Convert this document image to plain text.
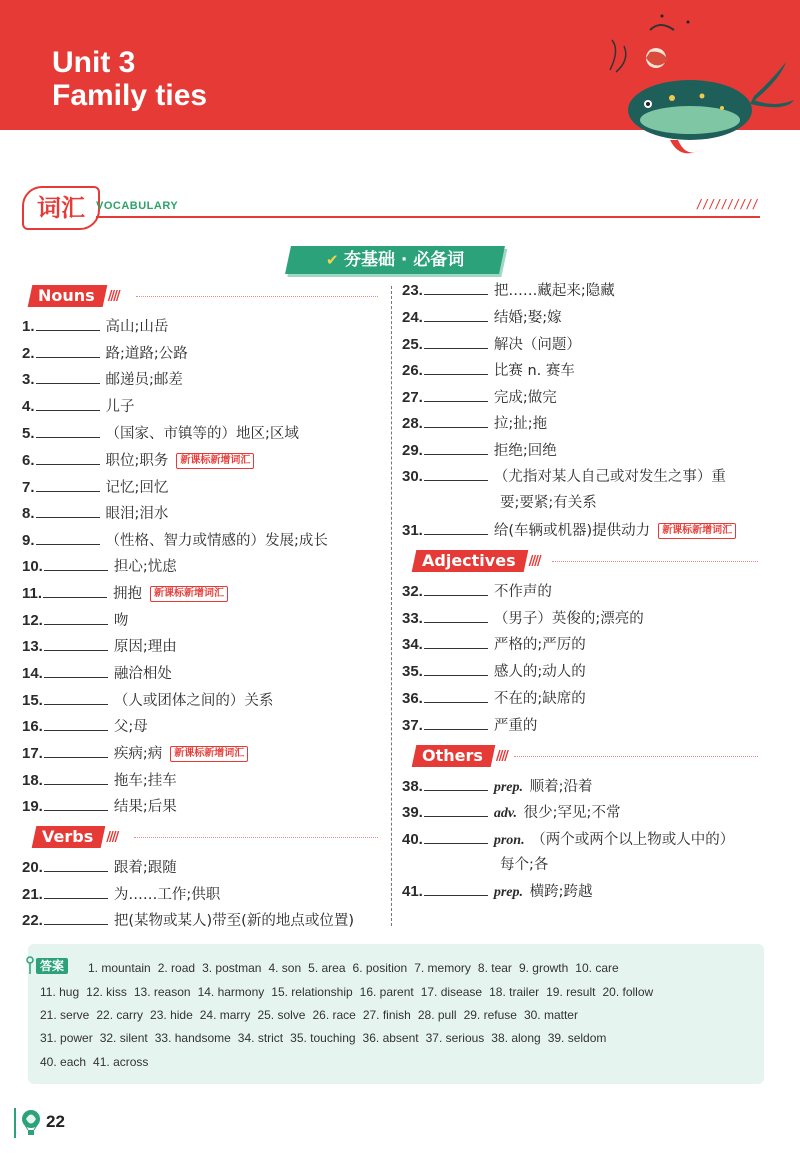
Unit 3
Family ties
词汇	VOCABULARY	//////////
✔ 夯基础 · 必备词
Nouns ////
Verbs ////
Adjectives ////
Others ////
1.	高山;山岳
2.	路;道路;公路
3.	邮递员;邮差
4.	儿子
5.	（国家、市镇等的）地区;区域
6.	职位;职务 新课标新增词汇
7.	记忆;回忆
8.	眼泪;泪水
9.	（性格、智力或情感的）发展;成长
10.	担心;忧虑
11.	拥抱 新课标新增词汇
12.	吻
13.	原因;理由
14.	融洽相处
15.	（人或团体之间的）关系
16.	父;母
17.	疾病;病 新课标新增词汇
18.	拖车;挂车
19.	结果;后果
20.	跟着;跟随
21.	为……工作;供职
22.	把(某物或某人)带至(新的地点或位置)
23.	把……藏起来;隐藏
24.	结婚;娶;嫁
25.	解决（问题）
26.	比赛 n. 赛车
27.	完成;做完
28.	拉;扯;拖
29.	拒绝;回绝
30.	（尤指对某人自己或对发生之事）重
要;要紧;有关系
31.	给(车辆或机器)提供动力 新课标新增词汇
32.	不作声的
33.	（男子）英俊的;漂亮的
34.	严格的;严厉的
35.	感人的;动人的
36.	不在的;缺席的
37.	严重的
38.	prep. 顺着;沿着
39.	adv. 很少;罕见;不常
40.	pron. （两个或两个以上物或人中的）
每个;各
41.	prep. 横跨;跨越
答案	1. mountain 2. road 3. postman 4. son 5. area 6. position 7. memory 8. tear 9. growth 10. care
11. hug 12. kiss 13. reason 14. harmony 15. relationship 16. parent 17. disease 18. trailer 19. result 20. follow
21. serve 22. carry 23. hide 24. marry 25. solve 26. race 27. finish 28. pull 29. refuse 30. matter
31. power 32. silent 33. handsome 34. strict 35. touching 36. absent 37. serious 38. along 39. seldom
40. each 41. across
22
